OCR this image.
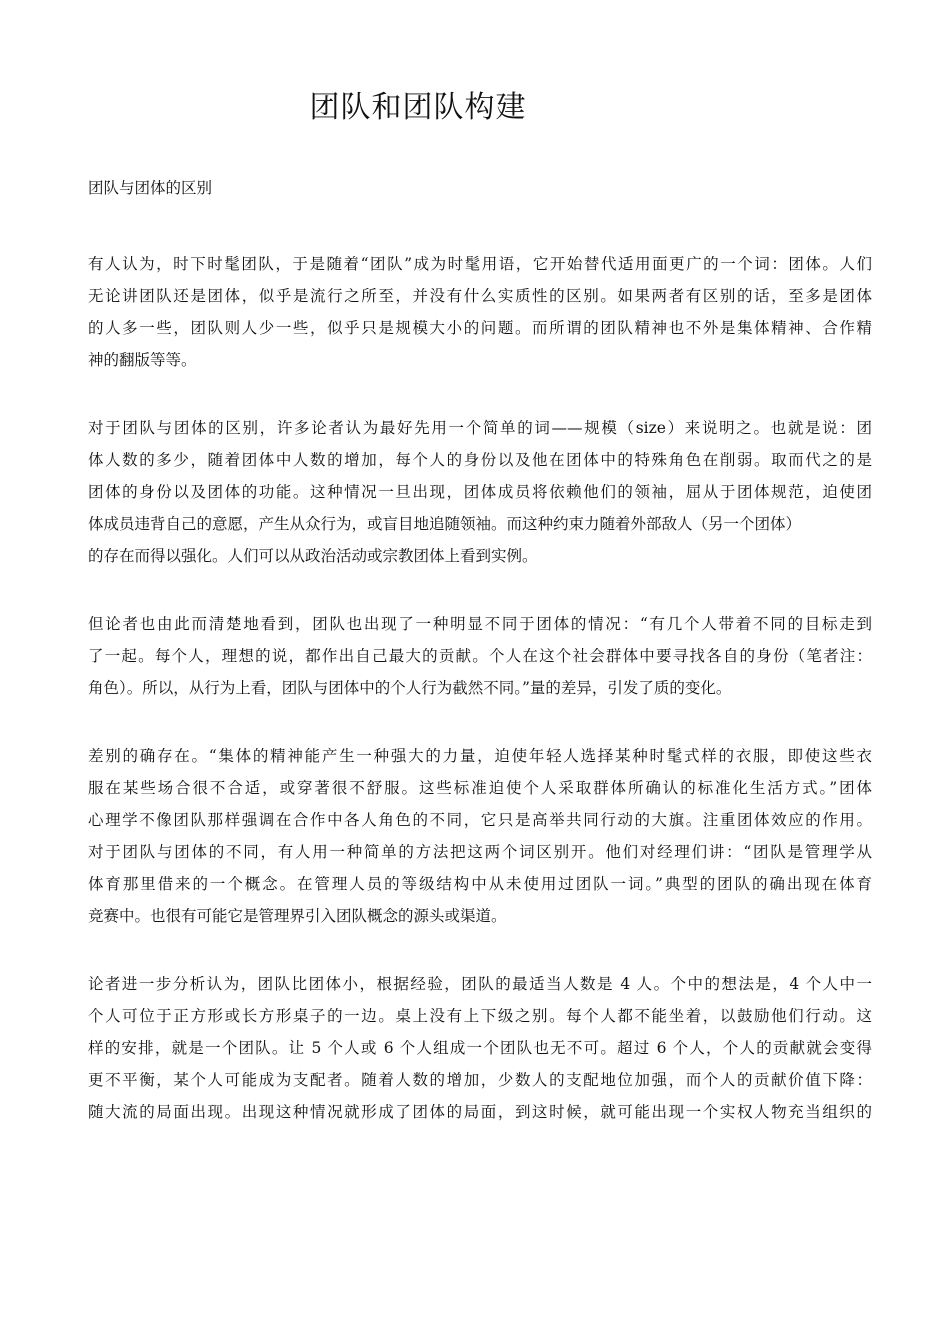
团队和团队构建
团队与团体的区别
有人认为，时下时髦团队，于是随着“团队”成为时髦用语，它开始替代适用面更广的一个词：团体。人们
无论讲团队还是团体，似乎是流行之所至，并没有什么实质性的区别。如果两者有区别的话，至多是团体
的人多一些，团队则人少一些，似乎只是规模大小的问题。而所谓的团队精神也不外是集体精神、合作精
神的翻版等等。
对于团队与团体的区别，许多论者认为最好先用一个简单的词——规模（size）来说明之。也就是说：团
体人数的多少，随着团体中人数的增加，每个人的身份以及他在团体中的特殊角色在削弱。取而代之的是
团体的身份以及团体的功能。这种情况一旦出现，团体成员将依赖他们的领袖，屈从于团体规范，迫使团
体成员违背自己的意愿，产生从众行为，或盲目地追随领袖。而这种约束力随着外部敌人（另一个团体）
的存在而得以强化。人们可以从政治活动或宗教团体上看到实例。
但论者也由此而清楚地看到，团队也出现了一种明显不同于团体的情况：“有几个人带着不同的目标走到
了一起。每个人，理想的说，都作出自己最大的贡献。个人在这个社会群体中要寻找各自的身份（笔者注：
角色）。所以，从行为上看，团队与团体中的个人行为截然不同。”量的差异，引发了质的变化。
差别的确存在。“集体的精神能产生一种强大的力量，迫使年轻人选择某种时髦式样的衣服，即使这些衣
服在某些场合很不合适，或穿著很不舒服。这些标准迫使个人采取群体所确认的标准化生活方式。”团体
心理学不像团队那样强调在合作中各人角色的不同，它只是高举共同行动的大旗。注重团体效应的作用。
对于团队与团体的不同，有人用一种简单的方法把这两个词区别开。他们对经理们讲：“团队是管理学从
体育那里借来的一个概念。在管理人员的等级结构中从未使用过团队一词。”典型的团队的确出现在体育
竞赛中。也很有可能它是管理界引入团队概念的源头或渠道。
论者进一步分析认为，团队比团体小，根据经验，团队的最适当人数是 4 人。个中的想法是，4 个人中一
个人可位于正方形或长方形桌子的一边。桌上没有上下级之别。每个人都不能坐着，以鼓励他们行动。这
样的安排，就是一个团队。让 5 个人或 6 个人组成一个团队也无不可。超过 6 个人，个人的贡献就会变得
更不平衡，某个人可能成为支配者。随着人数的增加，少数人的支配地位加强，而个人的贡献价值下降：
随大流的局面出现。出现这种情况就形成了团体的局面，到这时候，就可能出现一个实权人物充当组织的
